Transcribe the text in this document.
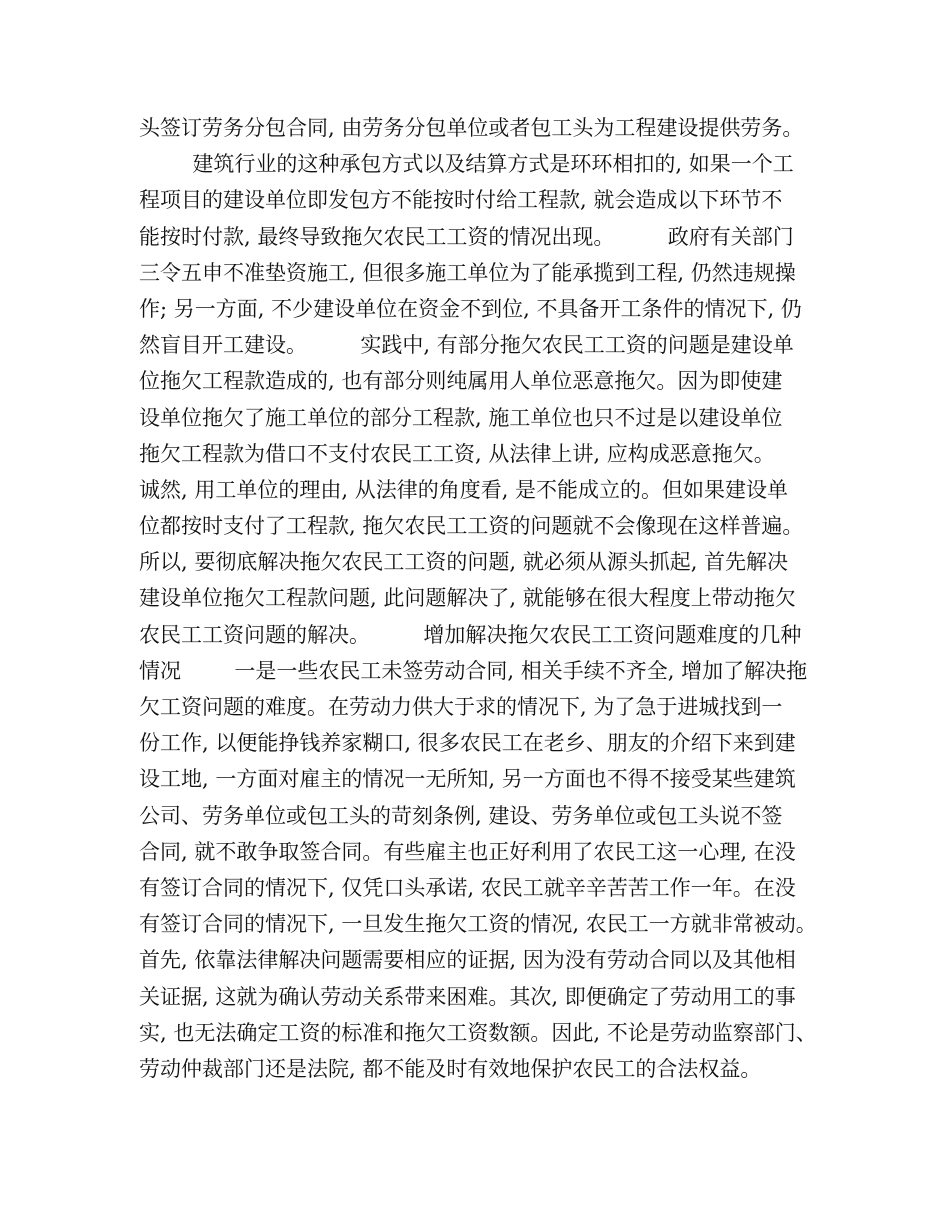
头签订劳务分包合同, 由劳务分包单位或者包工头为工程建设提供劳务。
建筑行业的这种承包方式以及结算方式是环环相扣的, 如果一个工
程项目的建设单位即发包方不能按时付给工程款, 就会造成以下环节不
能按时付款, 最终导致拖欠农民工工资的情况出现。        政府有关部门
三令五申不准垫资施工, 但很多施工单位为了能承揽到工程, 仍然违规操
作; 另一方面, 不少建设单位在资金不到位, 不具备开工条件的情况下, 仍
然盲目开工建设。        实践中, 有部分拖欠农民工工资的问题是建设单
位拖欠工程款造成的, 也有部分则纯属用人单位恶意拖欠。因为即使建
设单位拖欠了施工单位的部分工程款, 施工单位也只不过是以建设单位
拖欠工程款为借口不支付农民工工资, 从法律上讲, 应构成恶意拖欠。
诚然, 用工单位的理由, 从法律的角度看, 是不能成立的。但如果建设单
位都按时支付了工程款, 拖欠农民工工资的问题就不会像现在这样普遍。
所以, 要彻底解决拖欠农民工工资的问题, 就必须从源头抓起, 首先解决
建设单位拖欠工程款问题, 此问题解决了, 就能够在很大程度上带动拖欠
农民工工资问题的解决。        增加解决拖欠农民工工资问题难度的几种
情况        一是一些农民工未签劳动合同, 相关手续不齐全, 增加了解决拖
欠工资问题的难度。在劳动力供大于求的情况下, 为了急于进城找到一
份工作, 以便能挣钱养家糊口, 很多农民工在老乡、朋友的介绍下来到建
设工地, 一方面对雇主的情况一无所知, 另一方面也不得不接受某些建筑
公司、劳务单位或包工头的苛刻条例, 建设、劳务单位或包工头说不签
合同, 就不敢争取签合同。有些雇主也正好利用了农民工这一心理, 在没
有签订合同的情况下, 仅凭口头承诺, 农民工就辛辛苦苦工作一年。在没
有签订合同的情况下, 一旦发生拖欠工资的情况, 农民工一方就非常被动。
首先, 依靠法律解决问题需要相应的证据, 因为没有劳动合同以及其他相
关证据, 这就为确认劳动关系带来困难。其次, 即便确定了劳动用工的事
实, 也无法确定工资的标准和拖欠工资数额。因此, 不论是劳动监察部门、
劳动仲裁部门还是法院, 都不能及时有效地保护农民工的合法权益。
